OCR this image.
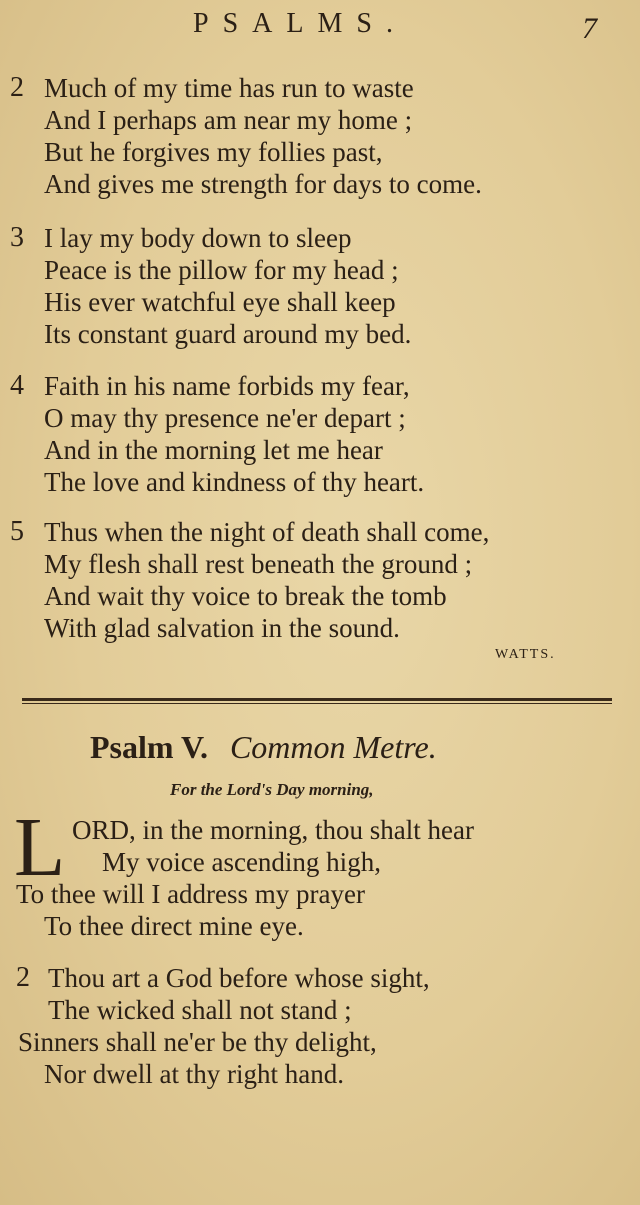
PSALMS.	7
2 Much of my time has run to waste
And I perhaps am near my home ;
But he forgives my follies past,
And gives me strength for days to come.
3 I lay my body down to sleep
Peace is the pillow for my head ;
His ever watchful eye shall keep
Its constant guard around my bed.
4 Faith in his name forbids my fear,
O may thy presence ne'er depart ;
And in the morning let me hear
The love and kindness of thy heart.
5 Thus when the night of death shall come,
My flesh shall rest beneath the ground ;
And wait thy voice to break the tomb
With glad salvation in the sound.
WATTS.
Psalm V. Common Metre.
For the Lord's Day morning,
L ORD, in the morning, thou shalt hear
My voice ascending high,
To thee will I address my prayer
To thee direct mine eye.
2 Thou art a God before whose sight,
The wicked shall not stand ;
Sinners shall ne'er be thy delight,
Nor dwell at thy right hand.
